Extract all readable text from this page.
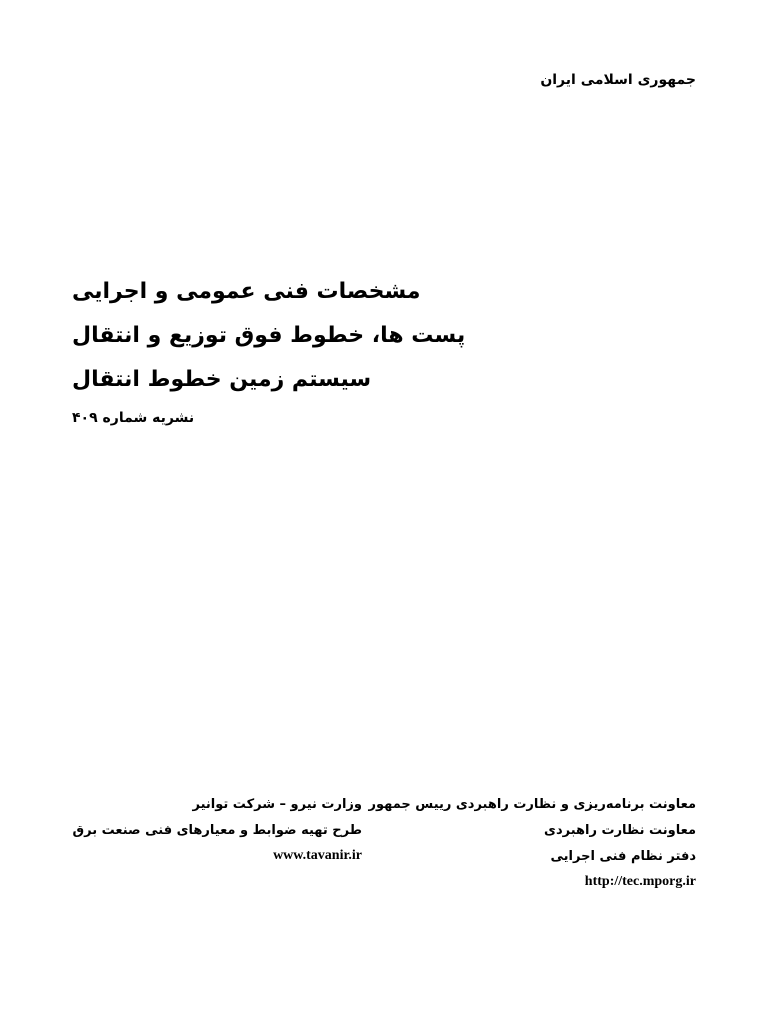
جمهوری اسلامی ایران
مشخصات فنی عمومی و اجرایی
پست ها، خطوط فوق توزیع و انتقال
سیستم زمین خطوط انتقال
نشریه شماره ۴۰۹
معاونت برنامه‌ریزی و نظارت راهبردی رییس جمهور
معاونت نظارت راهبردی
دفتر نظام فنی اجرایی
http://tec.mporg.ir
وزارت نیرو – شرکت توانیر
طرح تهیه ضوابط و معیارهای فنی صنعت برق
www.tavanir.ir
